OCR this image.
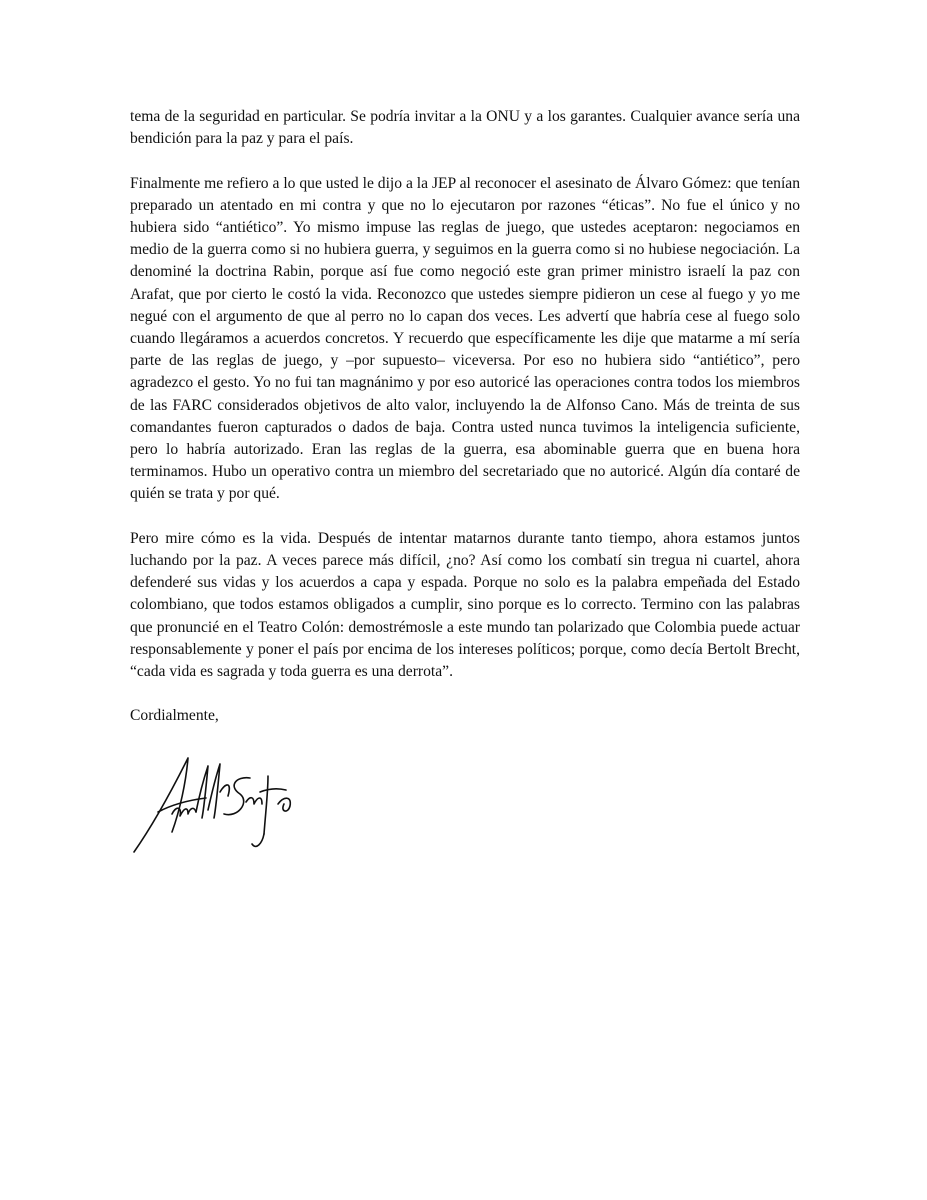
tema de la seguridad en particular. Se podría invitar a la ONU y a los garantes. Cualquier avance sería una bendición para la paz y para el país.

Finalmente me refiero a lo que usted le dijo a la JEP al reconocer el asesinato de Álvaro Gómez: que tenían preparado un atentado en mi contra y que no lo ejecutaron por razones “éticas”. No fue el único y no hubiera sido “antiético”. Yo mismo impuse las reglas de juego, que ustedes aceptaron: negociamos en medio de la guerra como si no hubiera guerra, y seguimos en la guerra como si no hubiese negociación. La denominé la doctrina Rabin, porque así fue como negoció este gran primer ministro israelí la paz con Arafat, que por cierto le costó la vida. Reconozco que ustedes siempre pidieron un cese al fuego y yo me negué con el argumento de que al perro no lo capan dos veces. Les advertí que habría cese al fuego solo cuando llegáramos a acuerdos concretos. Y recuerdo que específicamente les dije que matarme a mí sería parte de las reglas de juego, y –por supuesto– viceversa. Por eso no hubiera sido “antiético”, pero agradezco el gesto. Yo no fui tan magnánimo y por eso autoricé las operaciones contra todos los miembros de las FARC considerados objetivos de alto valor, incluyendo la de Alfonso Cano. Más de treinta de sus comandantes fueron capturados o dados de baja. Contra usted nunca tuvimos la inteligencia suficiente, pero lo habría autorizado. Eran las reglas de la guerra, esa abominable guerra que en buena hora terminamos. Hubo un operativo contra un miembro del secretariado que no autoricé. Algún día contaré de quién se trata y por qué.

Pero mire cómo es la vida. Después de intentar matarnos durante tanto tiempo, ahora estamos juntos luchando por la paz. A veces parece más difícil, ¿no? Así como los combatí sin tregua ni cuartel, ahora defenderé sus vidas y los acuerdos a capa y espada. Porque no solo es la palabra empeñada del Estado colombiano, que todos estamos obligados a cumplir, sino porque es lo correcto. Termino con las palabras que pronuncié en el Teatro Colón: demostrémosle a este mundo tan polarizado que Colombia puede actuar responsablemente y poner el país por encima de los intereses políticos; porque, como decía Bertolt Brecht, “cada vida es sagrada y toda guerra es una derrota”.

Cordialmente,
